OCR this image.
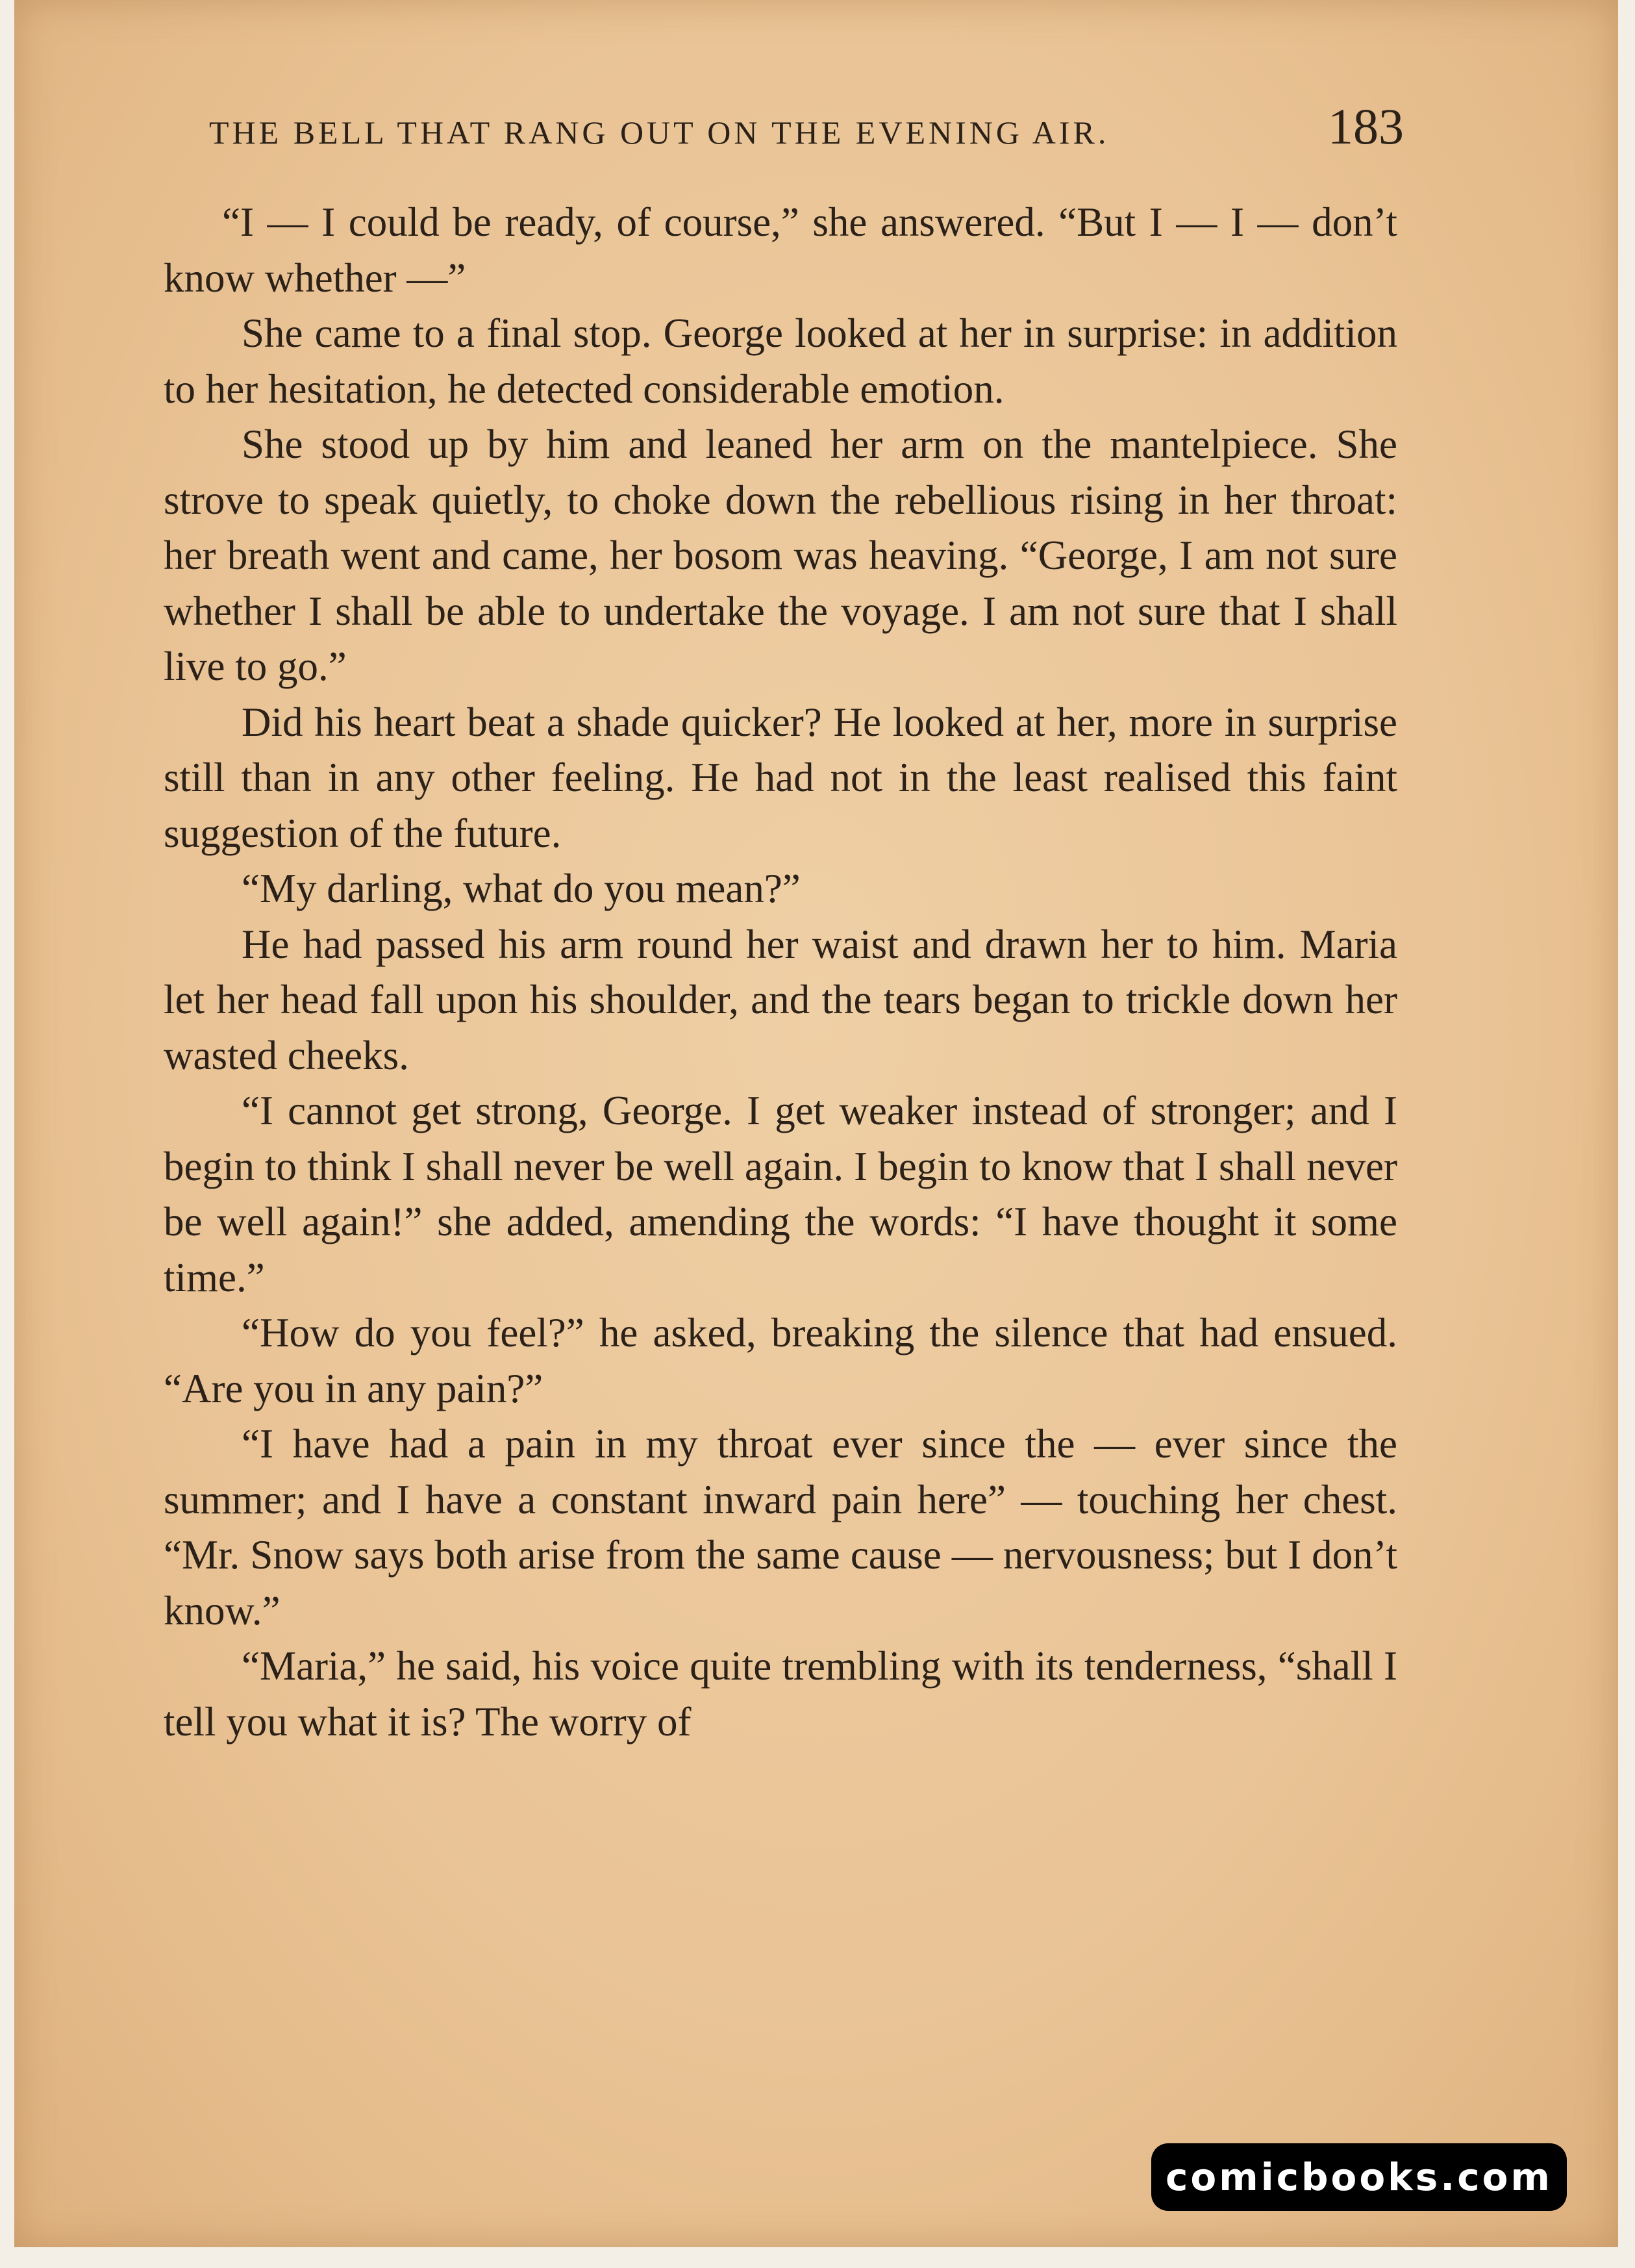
THE BELL THAT RANG OUT ON THE EVENING AIR.	183

“I — I could be ready, of course,” she answered. “But I — I — don’t know whether —”

She came to a final stop. George looked at her in surprise: in addition to her hesitation, he detected considerable emotion.

She stood up by him and leaned her arm on the mantelpiece. She strove to speak quietly, to choke down the rebellious rising in her throat: her breath went and came, her bosom was heaving. “George, I am not sure whether I shall be able to undertake the voyage. I am not sure that I shall live to go.”

Did his heart beat a shade quicker? He looked at her, more in surprise still than in any other feeling. He had not in the least realised this faint suggestion of the future.

“My darling, what do you mean?”

He had passed his arm round her waist and drawn her to him. Maria let her head fall upon his shoulder, and the tears began to trickle down her wasted cheeks.

“I cannot get strong, George. I get weaker instead of stronger; and I begin to think I shall never be well again. I begin to know that I shall never be well again!” she added, amending the words: “I have thought it some time.”

“How do you feel?” he asked, breaking the silence that had ensued. “Are you in any pain?”

“I have had a pain in my throat ever since the — ever since the summer; and I have a constant inward pain here” — touching her chest. “Mr. Snow says both arise from the same cause — nervousness; but I don’t know.”

“Maria,” he said, his voice quite trembling with its tenderness, “shall I tell you what it is? The worry of

comicbooks.com
